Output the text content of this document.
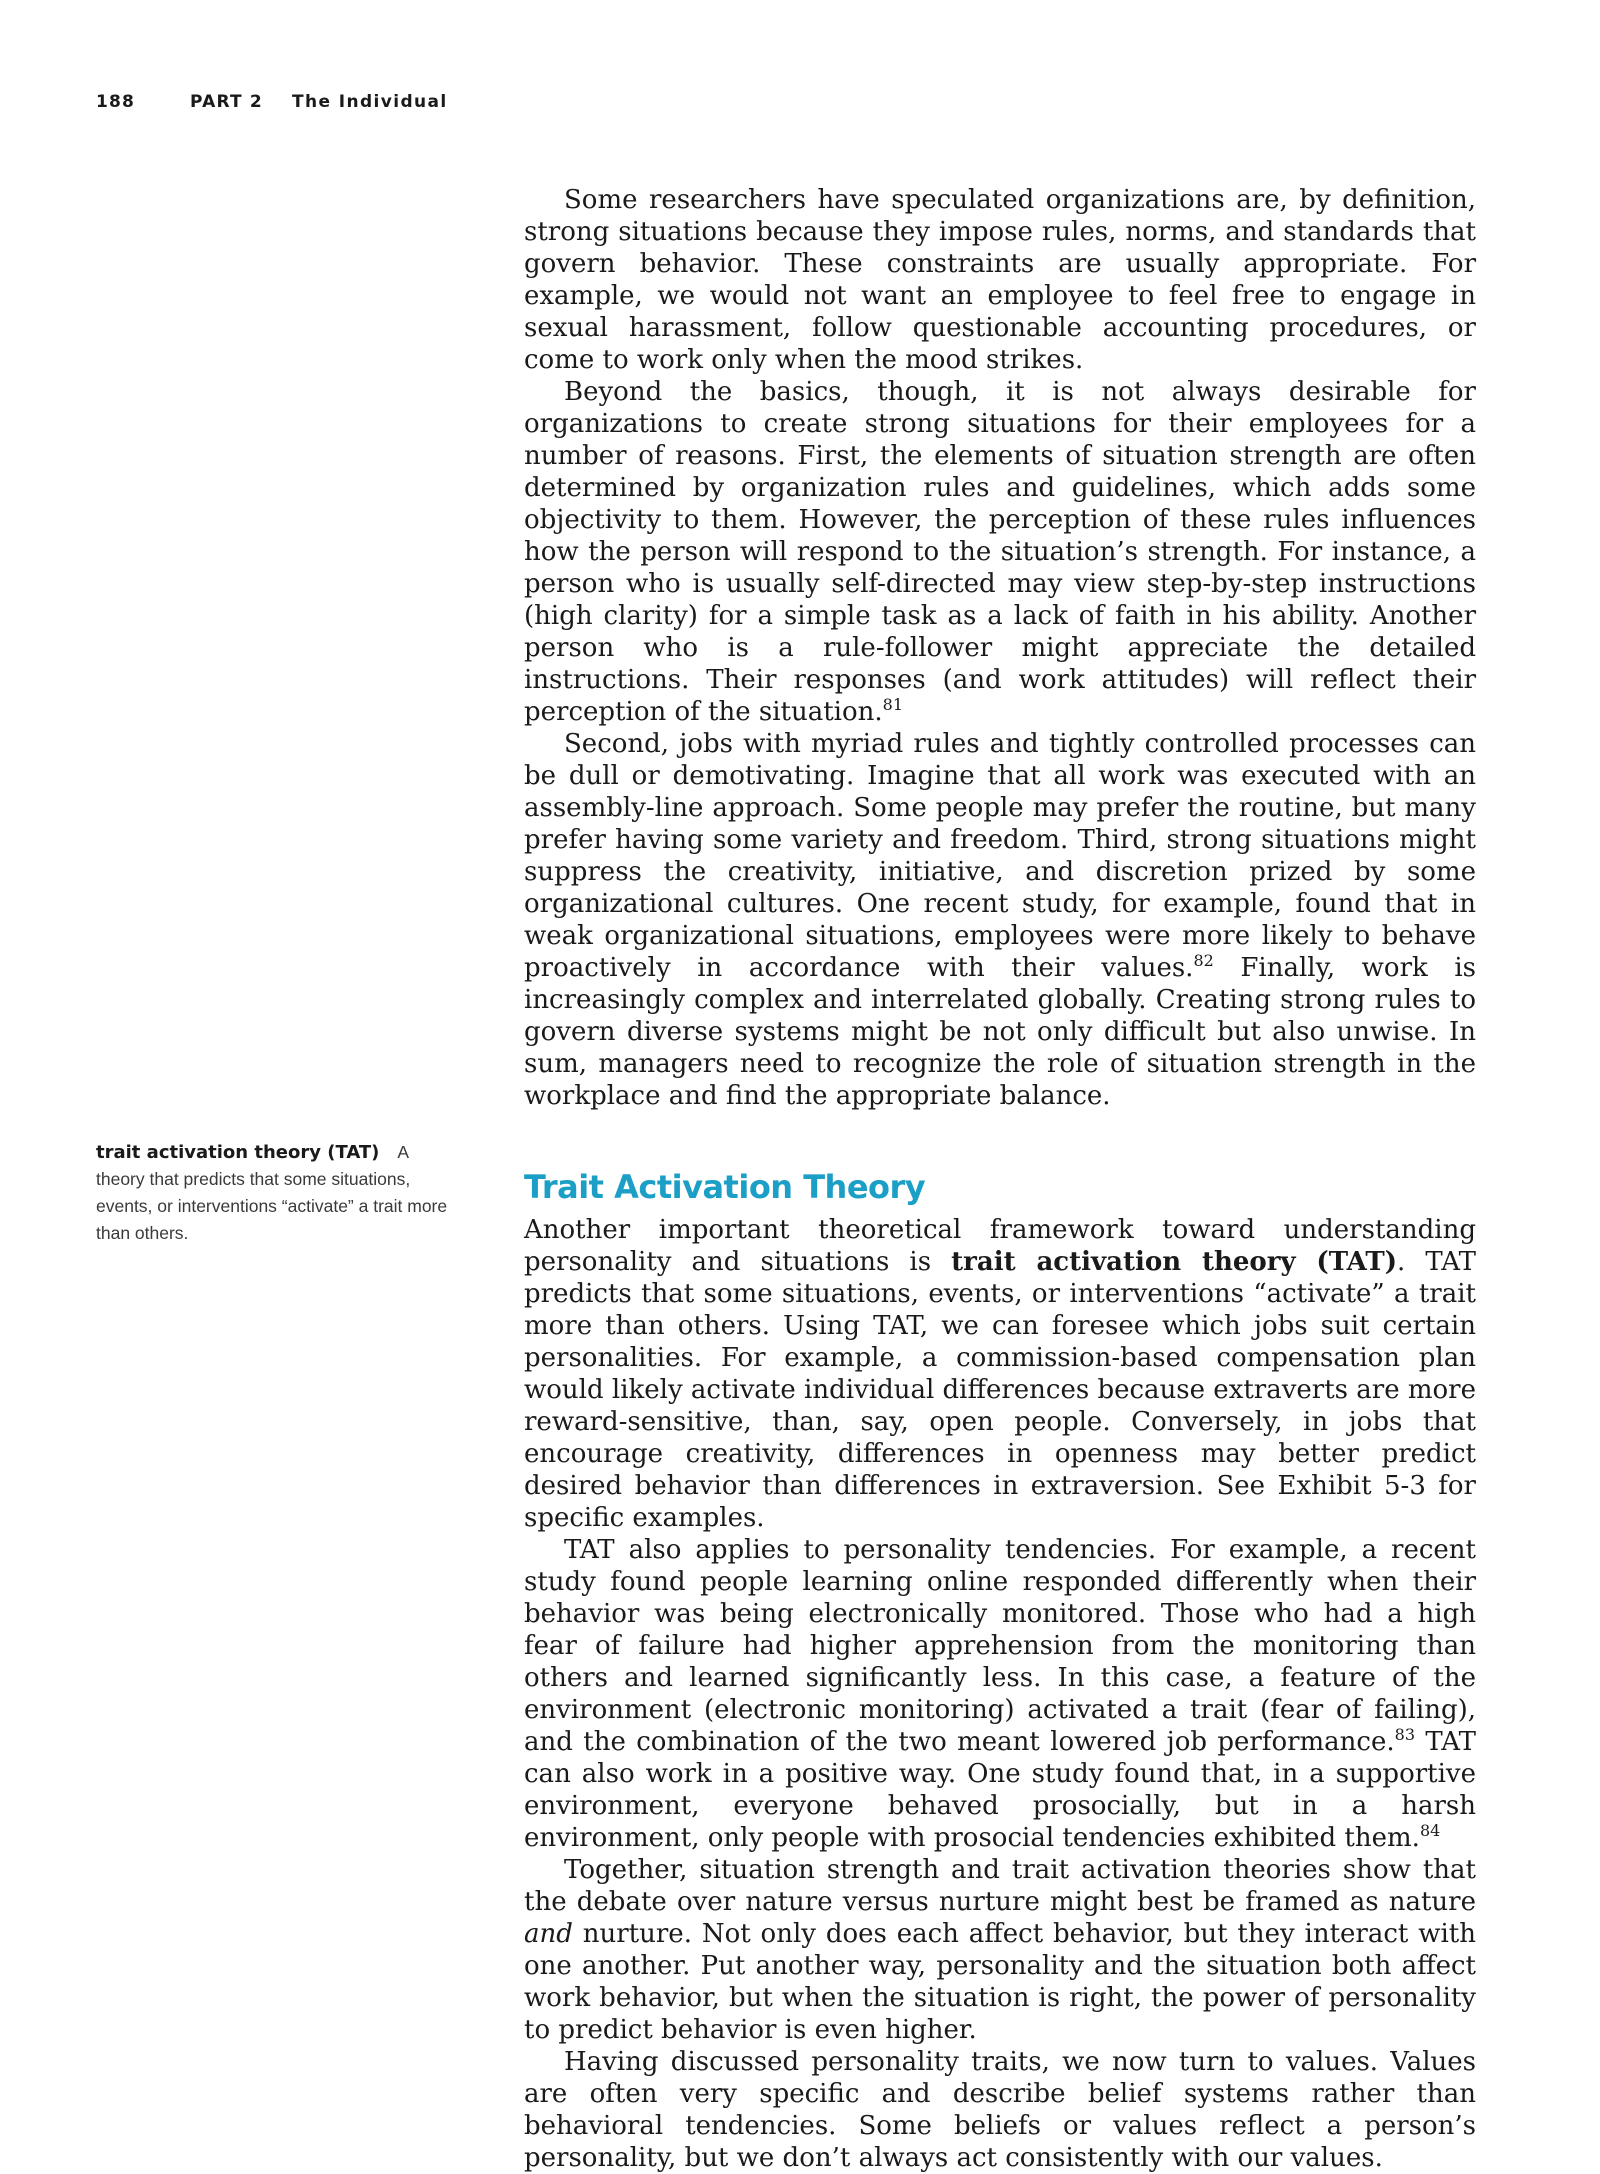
188	PART 2 The Individual
trait activation theory (TAT) A theory that predicts that some situations, events, or interventions “activate” a trait more than others.

Some researchers have speculated organizations are, by definition, strong situations because they impose rules, norms, and standards that govern behavior. These constraints are usually appropriate. For example, we would not want an employee to feel free to engage in sexual harassment, follow questionable accounting procedures, or come to work only when the mood strikes.

Beyond the basics, though, it is not always desirable for organizations to create strong situations for their employees for a number of reasons. First, the elements of situation strength are often determined by organization rules and guidelines, which adds some objectivity to them. However, the perception of these rules influences how the person will respond to the situation’s strength. For instance, a person who is usually self-directed may view step-by-step instructions (high clarity) for a simple task as a lack of faith in his ability. Another person who is a rule-follower might appreciate the detailed instructions. Their responses (and work attitudes) will reflect their perception of the situation.$^{81}$

Second, jobs with myriad rules and tightly controlled processes can be dull or demotivating. Imagine that all work was executed with an assembly-line approach. Some people may prefer the routine, but many prefer having some variety and freedom. Third, strong situations might suppress the creativity, initiative, and discretion prized by some organizational cultures. One recent study, for example, found that in weak organizational situations, employees were more likely to behave proactively in accordance with their values.$^{82}$ Finally, work is increasingly complex and interrelated globally. Creating strong rules to govern diverse systems might be not only difficult but also unwise. In sum, managers need to recognize the role of situation strength in the workplace and find the appropriate balance.

Trait Activation Theory

Another important theoretical framework toward understanding personality and situations is trait activation theory (TAT). TAT predicts that some situations, events, or interventions “activate” a trait more than others. Using TAT, we can foresee which jobs suit certain personalities. For example, a commission-based compensation plan would likely activate individual differences because extraverts are more reward-sensitive, than, say, open people. Conversely, in jobs that encourage creativity, differences in openness may better predict desired behavior than differences in extraversion. See Exhibit 5-3 for specific examples.

TAT also applies to personality tendencies. For example, a recent study found people learning online responded differently when their behavior was being electronically monitored. Those who had a high fear of failure had higher apprehension from the monitoring than others and learned significantly less. In this case, a feature of the environment (electronic monitoring) activated a trait (fear of failing), and the combination of the two meant lowered job performance.$^{83}$ TAT can also work in a positive way. One study found that, in a supportive environment, everyone behaved prosocially, but in a harsh environment, only people with prosocial tendencies exhibited them.$^{84}$

Together, situation strength and trait activation theories show that the debate over nature versus nurture might best be framed as nature and nurture. Not only does each affect behavior, but they interact with one another. Put another way, personality and the situation both affect work behavior, but when the situation is right, the power of personality to predict behavior is even higher.

Having discussed personality traits, we now turn to values. Values are often very specific and describe belief systems rather than behavioral tendencies. Some beliefs or values reflect a person’s personality, but we don’t always act consistently with our values.
